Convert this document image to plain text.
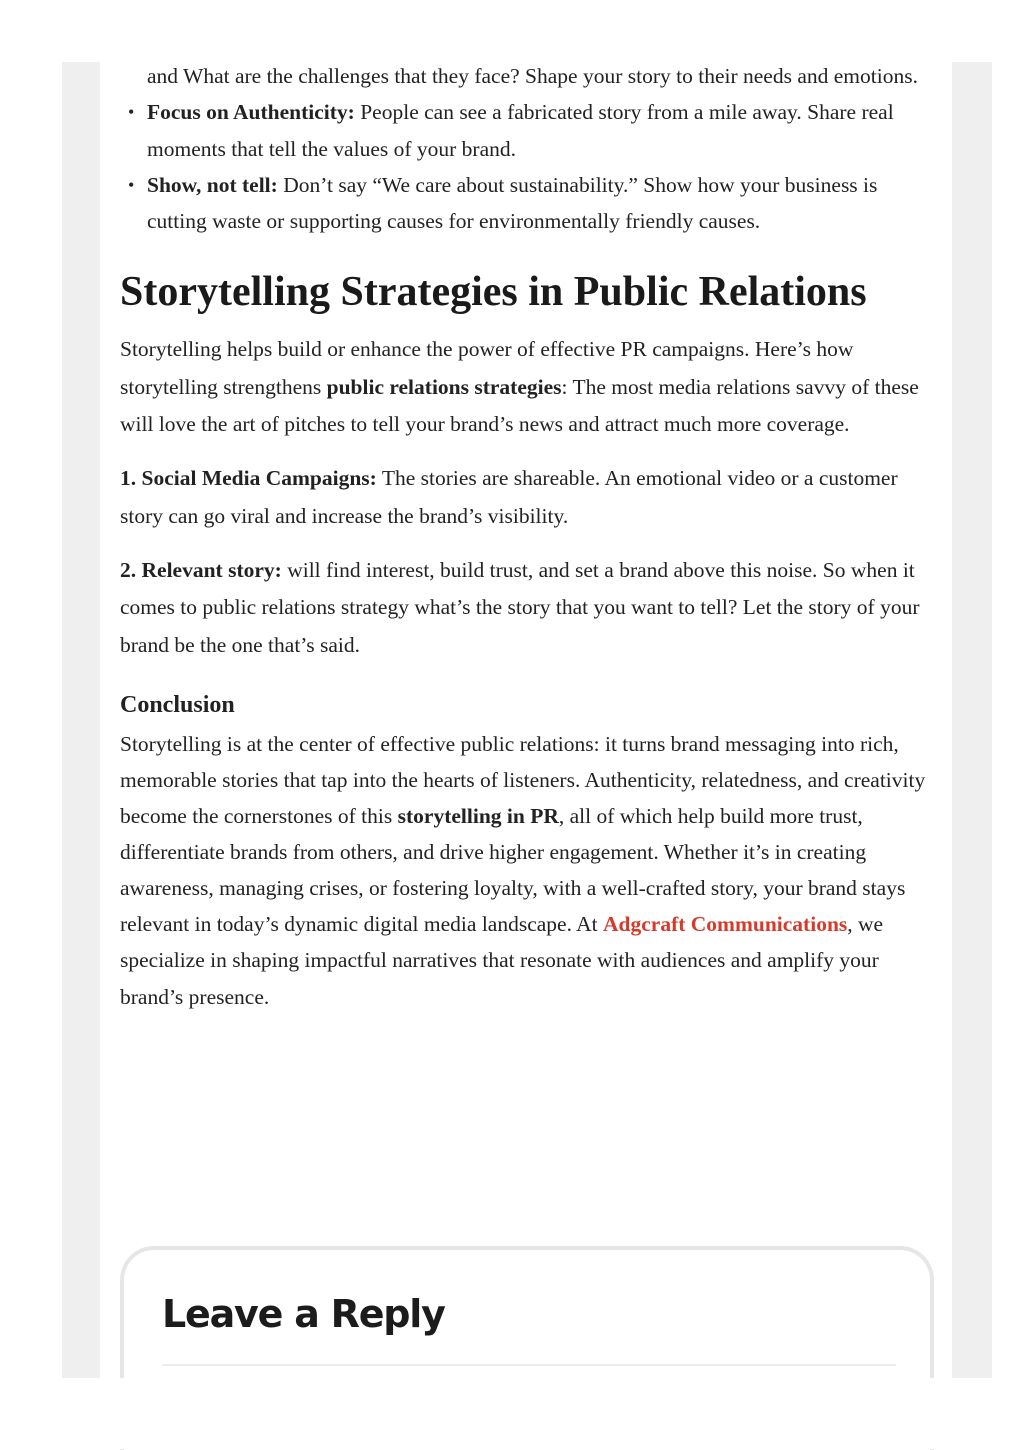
and What are the challenges that they face? Shape your story to their needs and emotions.
• Focus on Authenticity: People can see a fabricated story from a mile away. Share real moments that tell the values of your brand.
• Show, not tell: Don’t say “We care about sustainability.” Show how your business is cutting waste or supporting causes for environmentally friendly causes.
Storytelling Strategies in Public Relations

Storytelling helps build or enhance the power of effective PR campaigns. Here’s how storytelling strengthens public relations strategies: The most media relations savvy of these will love the art of pitches to tell your brand’s news and attract much more coverage.

1. Social Media Campaigns: The stories are shareable. An emotional video or a customer story can go viral and increase the brand’s visibility.

2. Relevant story: will find interest, build trust, and set a brand above this noise. So when it comes to public relations strategy what’s the story that you want to tell? Let the story of your brand be the one that’s said.

Conclusion

Storytelling is at the center of effective public relations: it turns brand messaging into rich, memorable stories that tap into the hearts of listeners. Authenticity, relatedness, and creativity become the cornerstones of this storytelling in PR, all of which help build more trust, differentiate brands from others, and drive higher engagement. Whether it’s in creating awareness, managing crises, or fostering loyalty, with a well-crafted story, your brand stays relevant in today’s dynamic digital media landscape. At Adgcraft Communications, we specialize in shaping impactful narratives that resonate with audiences and amplify your brand’s presence.

Leave a Reply
